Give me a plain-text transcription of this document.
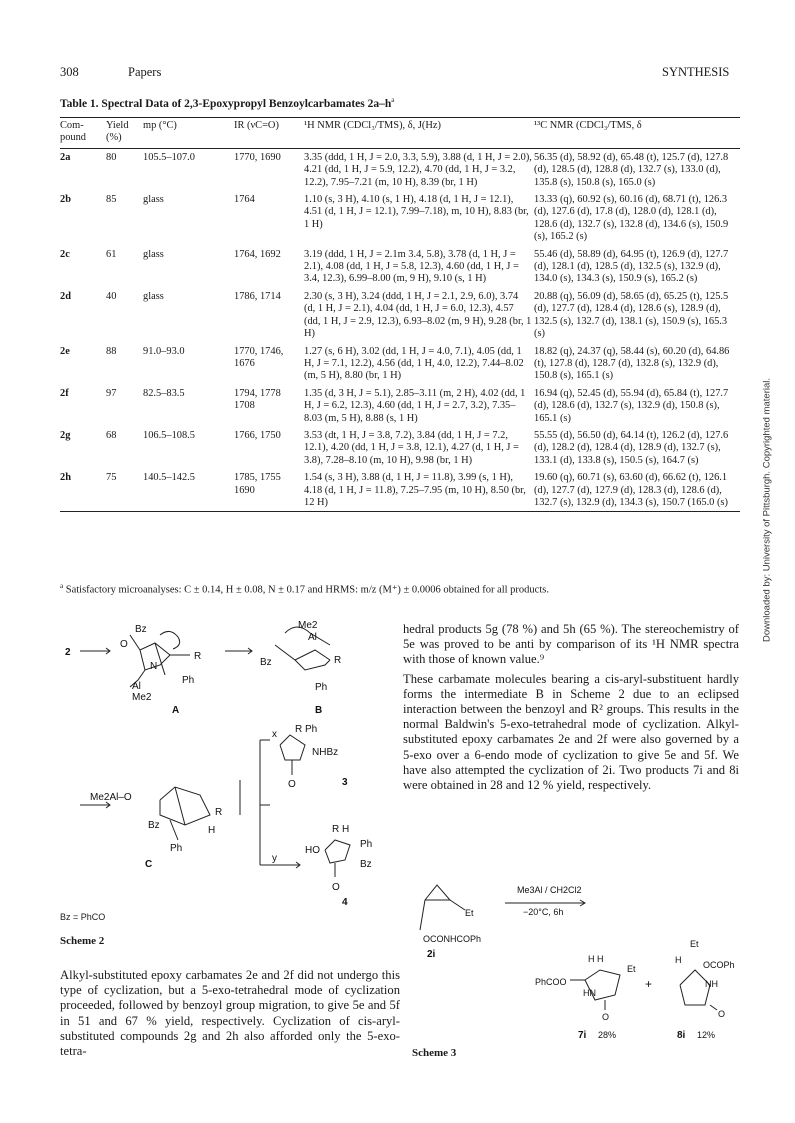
308	Papers	SYNTHESIS
Table 1. Spectral Data of 2,3-Epoxypropyl Benzoylcarbamates $2a-h^a$
Com-pound	Yield (%)	mp (°C)	IR (νC=O)	¹H NMR (CDCl₃/TMS), δ, J(Hz)	¹³C NMR (CDCl₃/TMS, δ
2a	80	105.5–107.0	1770, 1690	3.35 (ddd, 1 H, J = 2.0, 3.3, 5.9), 3.88 (d, 1 H, J = 2.0), 4.21 (dd, 1 H, J = 5.9, 12.2), 4.70 (dd, 1 H, J = 3.2, 12.2), 7.95–7.21 (m, 10 H), 8.39 (br, 1 H)	56.35 (d), 58.92 (d), 65.48 (t), 125.7 (d), 127.8 (d), 128.5 (d), 128.8 (d), 132.7 (s), 133.0 (d), 135.8 (s), 150.8 (s), 165.0 (s)
2b	85	glass	1764	1.10 (s, 3 H), 4.10 (s, 1 H), 4.18 (d, 1 H, J = 12.1), 4.51 (d, 1 H, J = 12.1), 7.99–7.18), m, 10 H), 8.83 (br, 1 H)	13.33 (q), 60.92 (s), 60.16 (d), 68.71 (t), 126.3 (d), 127.6 (d), 17.8 (d), 128.0 (d), 128.1 (d), 128.6 (d), 132.7 (s), 132.8 (d), 134.6 (s), 150.9 (s), 165.2 (s)
2c	61	glass	1764, 1692	3.19 (ddd, 1 H, J = 2.1m 3.4, 5.8), 3.78 (d, 1 H, J = 2.1), 4.08 (dd, 1 H, J = 5.8, 12.3), 4.60 (dd, 1 H, J = 3.4, 12.3), 6.99–8.00 (m, 9 H), 9.10 (s, 1 H)	55.46 (d), 58.89 (d), 64.95 (t), 126.9 (d), 127.7 (d), 128.1 (d), 128.5 (d), 132.5 (s), 132.9 (d), 134.0 (s), 134.3 (s), 150.9 (s), 165.2 (s)
2d	40	glass	1786, 1714	2.30 (s, 3 H), 3.24 (ddd, 1 H, J = 2.1, 2.9, 6.0), 3.74 (d, 1 H, J = 2.1), 4.04 (dd, 1 H, J = 6.0, 12.3), 4.57 (dd, 1 H, J = 2.9, 12.3), 6.93–8.02 (m, 9 H), 9.28 (br, 1 H)	20.88 (q), 56.09 (d), 58.65 (d), 65.25 (t), 125.5 (d), 127.7 (d), 128.4 (d), 128.6 (s), 128.9 (d), 132.5 (s), 132.7 (d), 138.1 (s), 150.9 (s), 165.3 (s)
2e	88	91.0–93.0	1770, 1746, 1676	1.27 (s, 6 H), 3.02 (dd, 1 H, J = 4.0, 7.1), 4.05 (dd, 1 H, J = 7.1, 12.2), 4.56 (dd, 1 H, 4.0, 12.2), 7.44–8.02 (m, 5 H), 8.80 (br, 1 H)	18.82 (q), 24.37 (q), 58.44 (s), 60.20 (d), 64.86 (t), 127.8 (d), 128.7 (d), 132.8 (s), 132.9 (d), 150.8 (s), 165.1 (s)
2f	97	82.5–83.5	1794, 1778 1708	1.35 (d, 3 H, J = 5.1), 2.85–3.11 (m, 2 H), 4.02 (dd, 1 H, J = 6.2, 12.3), 4.60 (dd, 1 H, J = 2.7, 3.2), 7.35–8.03 (m, 5 H), 8.88 (s, 1 H)	16.94 (q), 52.45 (d), 55.94 (d), 65.84 (t), 127.7 (d), 128.6 (d), 132.7 (s), 132.9 (d), 150.8 (s), 165.1 (s)
2g	68	106.5–108.5	1766, 1750	3.53 (dt, 1 H, J = 3.8, 7.2), 3.84 (dd, 1 H, J = 7.2, 12.1), 4.20 (dd, 1 H, J = 3.8, 12.1), 4.27 (d, 1 H, J = 3.8), 7.28–8.10 (m, 10 H), 9.98 (br, 1 H)	55.55 (d), 56.50 (d), 64.14 (t), 126.2 (d), 127.6 (d), 128.2 (d), 128.4 (d), 128.9 (d), 132.7 (s), 133.1 (d), 133.8 (s), 150.5 (s), 164.7 (s)
2h	75	140.5–142.5	1785, 1755 1690	1.54 (s, 3 H), 3.88 (d, 1 H, J = 11.8), 3.99 (s, 1 H), 4.18 (d, 1 H, J = 11.8), 7.25–7.95 (m, 10 H), 8.50 (br, 12 H)	19.60 (q), 60.71 (s), 63.60 (d), 66.62 (t), 126.1 (d), 127.7 (d), 127.9 (d), 128.3 (d), 128.6 (d), 132.7 (s), 132.9 (d), 134.3 (s), 150.7 (165.0 (s)
$^a$ Satisfactory microanalyses: C ± 0.14, H ± 0.08, N ± 0.17 and HRMS: m/z (M⁺) ± 0.0006 obtained for all products.
2
Bz
O
N
R
Al
Me2
Ph
A
Me2
Al
Bz	R
Ph
B
R Ph
NHBz
x
O	3
Me2Al–O
R
Bz	H
Ph
C
y
R H
HO
Ph
Bz
O
4
Bz = PhCO
Scheme 2

Alkyl-substituted epoxy carbamates 2e and 2f did not undergo this type of cyclization, but a 5-exo-tetrahedral mode of cyclization proceeded, followed by benzoyl group migration, to give 5e and 5f in 51 and 67 % yield, respectively. Cyclization of cis-aryl-substituted compounds 2g and 2h also afforded only the 5-exo-tetra-

hedral products 5g (78 %) and 5h (65 %). The stereochemistry of 5e was proved to be anti by comparison of its ¹H NMR spectra with those of known value.⁹

These carbamate molecules bearing a cis-aryl-substituent hardly forms the intermediate B in Scheme 2 due to an eclipsed interaction between the benzoyl and R² groups. This results in the normal Baldwin's 5-exo-tetrahedral mode of cyclization. Alkyl-substituted epoxy carbamates 2e and 2f were also governed by a 5-exo over a 6-endo mode of cyclization to give 5e and 5f. We have also attempted the cyclization of 2i. Two products 7i and 8i were obtained in 28 and 12 % yield, respectively.

Et
OCONHCOPh
2i
Me3Al / CH2Cl2
−20°C, 6h
H H
Et
PhCOO
HN
O
+
Et
H OCOPh
NH
O
7i 28%	8i 12%
Scheme 3
Downloaded by: University of Pittsburgh. Copyrighted material.
